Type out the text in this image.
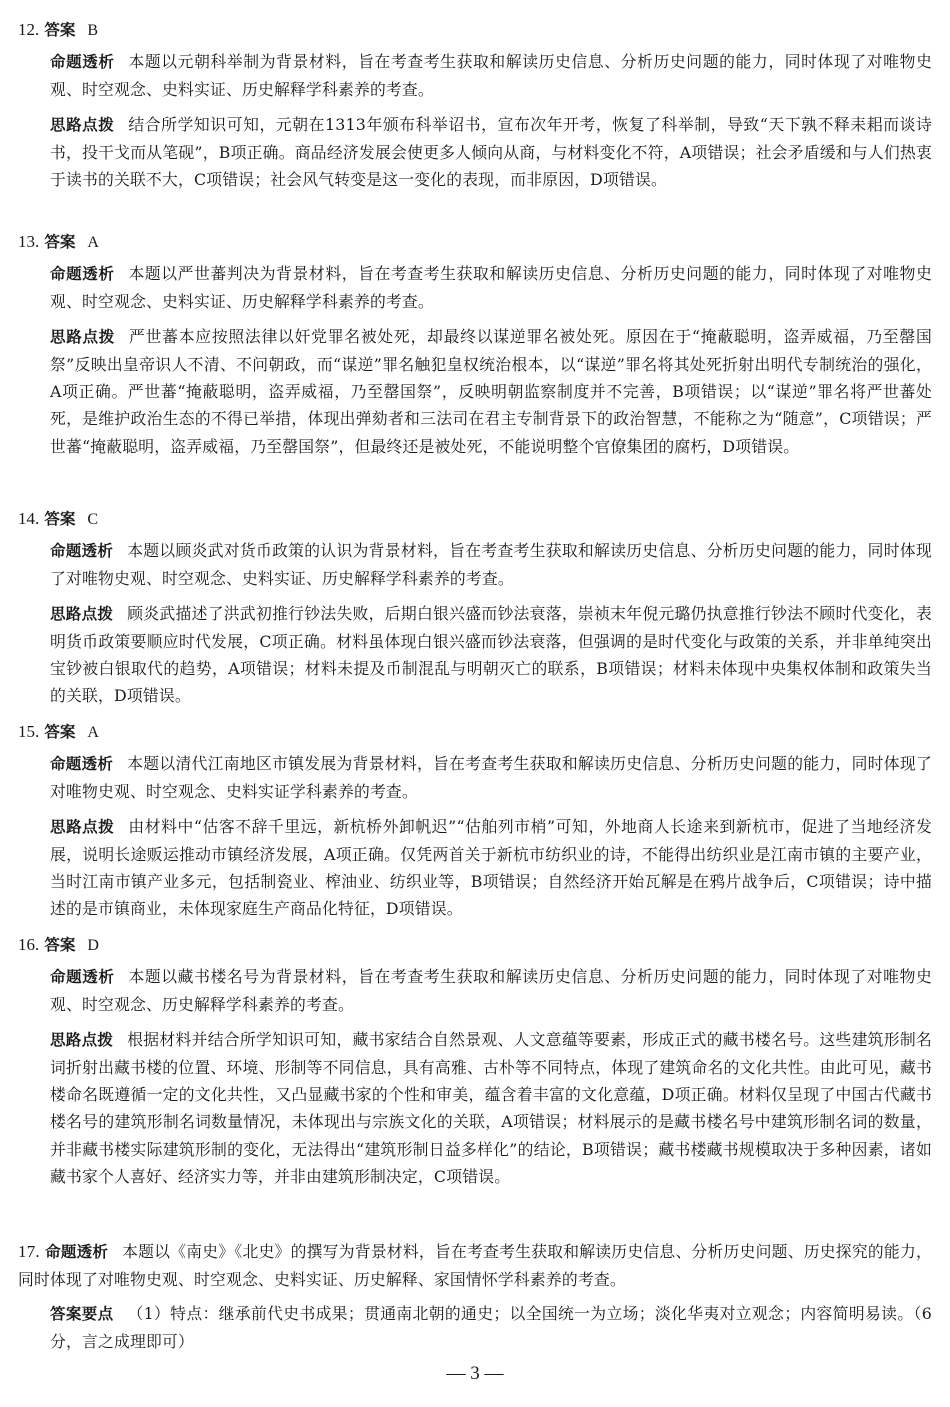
12. 答案 B
命题透析 本题以元朝科举制为背景材料，旨在考查考生获取和解读历史信息、分析历史问题的能力，同时体现了对唯物史观、时空观念、史料实证、历史解释学科素养的考查。
思路点拨 结合所学知识可知，元朝在1313年颁布科举诏书，宣布次年开考，恢复了科举制，导致“天下孰不释耒耜而谈诗书，投干戈而从笔砚”，B项正确。商品经济发展会使更多人倾向从商，与材料变化不符，A项错误；社会矛盾缓和与人们热衷于读书的关联不大，C项错误；社会风气转变是这一变化的表现，而非原因，D项错误。
13. 答案 A
命题透析 本题以严世蕃判决为背景材料，旨在考查考生获取和解读历史信息、分析历史问题的能力，同时体现了对唯物史观、时空观念、史料实证、历史解释学科素养的考查。
思路点拨 严世蕃本应按照法律以奸党罪名被处死，却最终以谋逆罪名被处死。原因在于“掩蔽聪明，盗弄威福，乃至罄国祭”反映出皇帝识人不清、不问朝政，而“谋逆”罪名触犯皇权统治根本，以“谋逆”罪名将其处死折射出明代专制统治的强化，A项正确。严世蕃“掩蔽聪明，盗弄威福，乃至罄国祭”，反映明朝监察制度并不完善，B项错误；以“谋逆”罪名将严世蕃处死，是维护政治生态的不得已举措，体现出弹劾者和三法司在君主专制背景下的政治智慧，不能称之为“随意”，C项错误；严世蕃“掩蔽聪明，盗弄威福，乃至罄国祭”，但最终还是被处死，不能说明整个官僚集团的腐朽，D项错误。
14. 答案 C
命题透析 本题以顾炎武对货币政策的认识为背景材料，旨在考查考生获取和解读历史信息、分析历史问题的能力，同时体现了对唯物史观、时空观念、史料实证、历史解释学科素养的考查。
思路点拨 顾炎武描述了洪武初推行钞法失败，后期白银兴盛而钞法衰落，崇祯末年倪元璐仍执意推行钞法不顾时代变化，表明货币政策要顺应时代发展，C项正确。材料虽体现白银兴盛而钞法衰落，但强调的是时代变化与政策的关系，并非单纯突出宝钞被白银取代的趋势，A项错误；材料未提及币制混乱与明朝灭亡的联系，B项错误；材料未体现中央集权体制和政策失当的关联，D项错误。
15. 答案 A
命题透析 本题以清代江南地区市镇发展为背景材料，旨在考查考生获取和解读历史信息、分析历史问题的能力，同时体现了对唯物史观、时空观念、史料实证学科素养的考查。
思路点拨 由材料中“估客不辞千里远，新杭桥外卸帆迟”“估舶列市梢”可知，外地商人长途来到新杭市，促进了当地经济发展，说明长途贩运推动市镇经济发展，A项正确。仅凭两首关于新杭市纺织业的诗，不能得出纺织业是江南市镇的主要产业，当时江南市镇产业多元，包括制瓷业、榨油业、纺织业等，B项错误；自然经济开始瓦解是在鸦片战争后，C项错误；诗中描述的是市镇商业，未体现家庭生产商品化特征，D项错误。
16. 答案 D
命题透析 本题以藏书楼名号为背景材料，旨在考查考生获取和解读历史信息、分析历史问题的能力，同时体现了对唯物史观、时空观念、历史解释学科素养的考查。
思路点拨 根据材料并结合所学知识可知，藏书家结合自然景观、人文意蕴等要素，形成正式的藏书楼名号。这些建筑形制名词折射出藏书楼的位置、环境、形制等不同信息，具有高雅、古朴等不同特点，体现了建筑命名的文化共性。由此可见，藏书楼命名既遵循一定的文化共性，又凸显藏书家的个性和审美，蕴含着丰富的文化意蕴，D项正确。材料仅呈现了中国古代藏书楼名号的建筑形制名词数量情况，未体现出与宗族文化的关联，A项错误；材料展示的是藏书楼名号中建筑形制名词的数量，并非藏书楼实际建筑形制的变化，无法得出“建筑形制日益多样化”的结论，B项错误；藏书楼藏书规模取决于多种因素，诸如藏书家个人喜好、经济实力等，并非由建筑形制决定，C项错误。
17. 命题透析 本题以《南史》《北史》的撰写为背景材料，旨在考查考生获取和解读历史信息、分析历史问题、历史探究的能力，同时体现了对唯物史观、时空观念、史料实证、历史解释、家国情怀学科素养的考查。
答案要点 （1）特点：继承前代史书成果；贯通南北朝的通史；以全国统一为立场；淡化华夷对立观念；内容简明易读。（6分，言之成理即可）
— 3 —
